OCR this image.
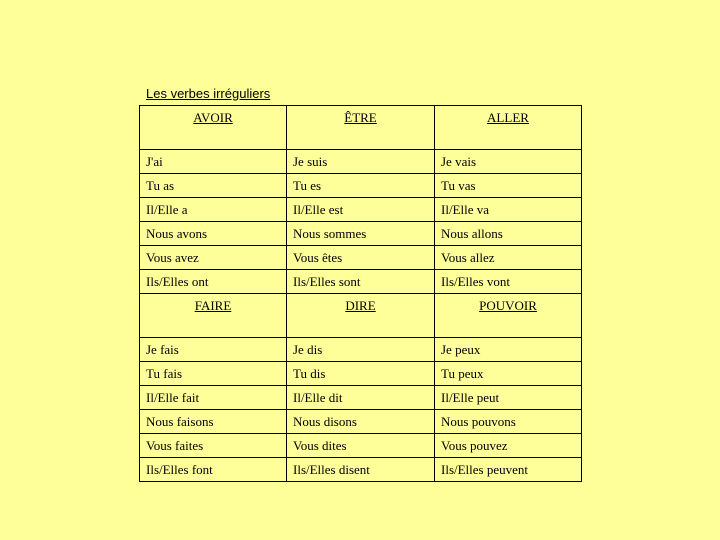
Les verbes irréguliers
AVOIR	ÊTRE	ALLER
J'ai	Je suis	Je vais
Tu as	Tu es	Tu vas
Il/Elle a	Il/Elle est	Il/Elle va
Nous avons	Nous sommes	Nous allons
Vous avez	Vous êtes	Vous allez
Ils/Elles ont	Ils/Elles sont	Ils/Elles vont
FAIRE	DIRE	POUVOIR
Je fais	Je dis	Je peux
Tu fais	Tu dis	Tu peux
Il/Elle fait	Il/Elle dit	Il/Elle peut
Nous faisons	Nous disons	Nous pouvons
Vous faites	Vous dites	Vous pouvez
Ils/Elles font	Ils/Elles disent	Ils/Elles peuvent
